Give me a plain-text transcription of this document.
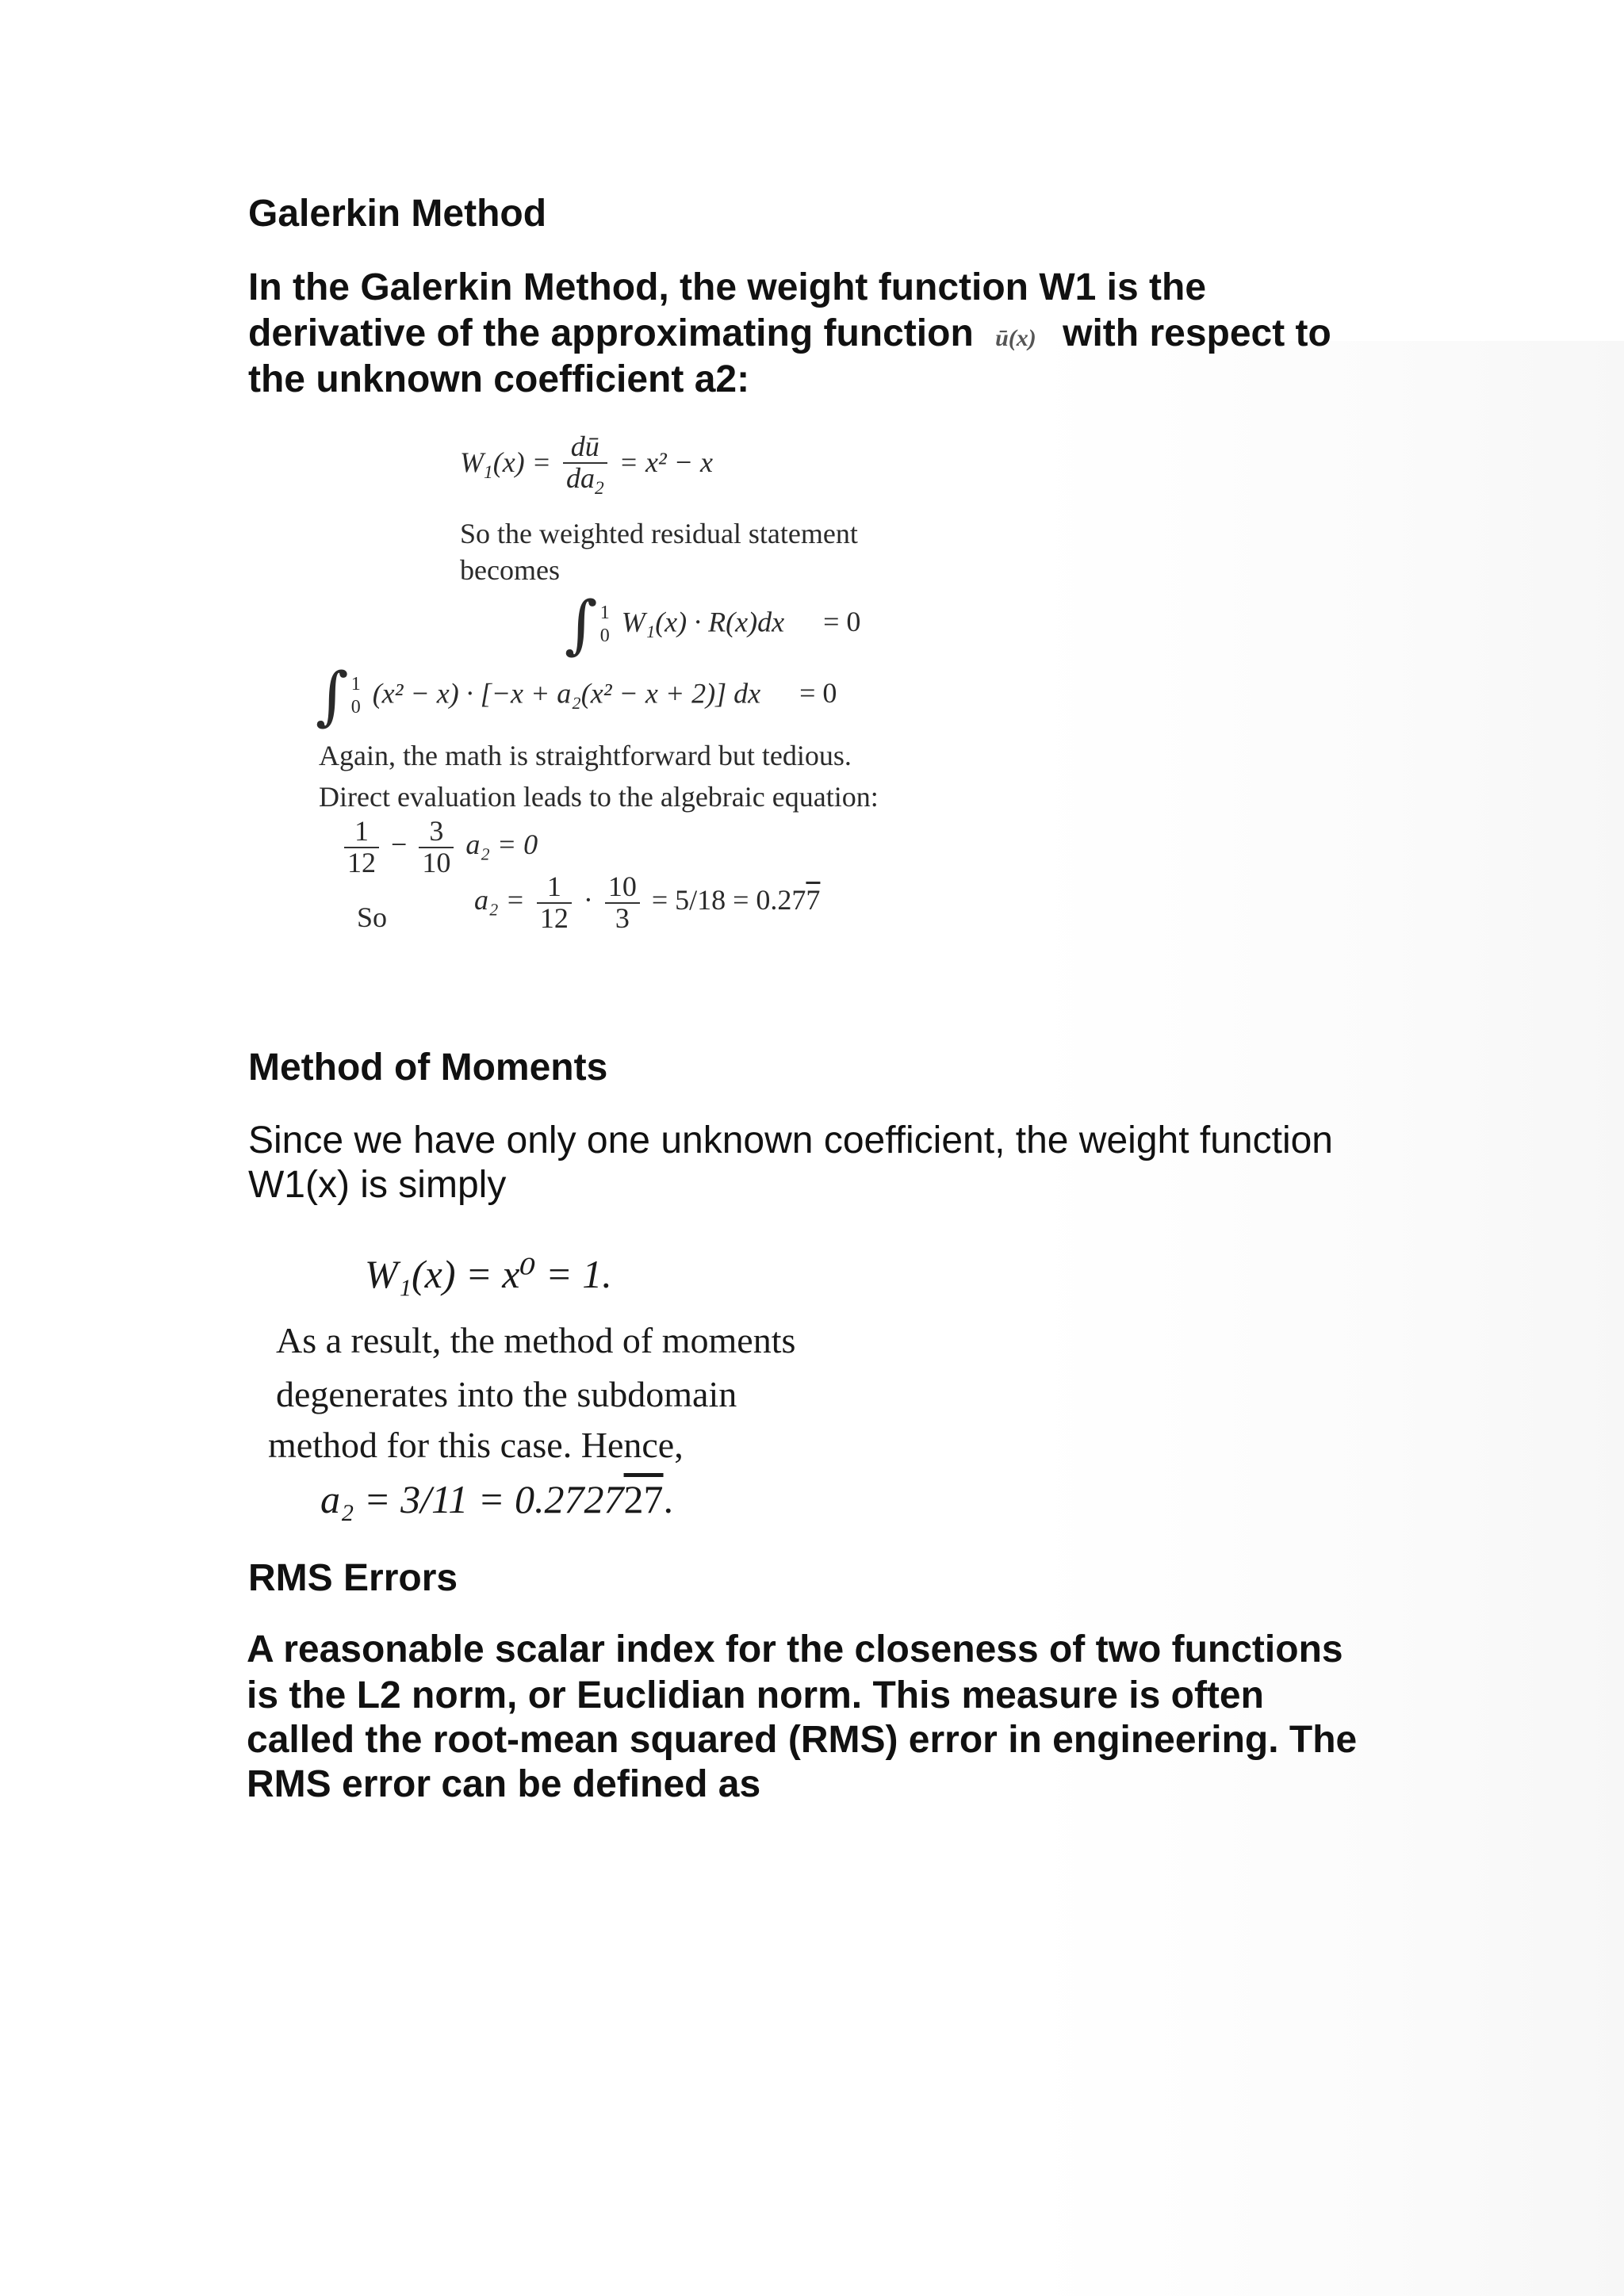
Galerkin Method
In the Galerkin Method, the weight function W1 is the
derivative of the approximating function ū(x) with respect to
the unknown coefficient a2:
$W_1(x) = \frac{dū}{da_2} = x^2 - x$
So the weighted residual statement
becomes
∫ 1
0 W₁(x) · R(x)dx = 0
∫ 1
0 (x² − x) · [−x + a₂(x² − x + 2)] dx = 0
Again, the math is straightforward but tedious.
Direct evaluation leads to the algebraic equation:
$\frac{1}{12} - \frac{3}{10} a_2 = 0$
So
$a_2 = \frac{1}{12} \cdot \frac{10}{3} = 5/18 = 0.277$
Method of Moments
Since we have only one unknown coefficient, the weight function
W1(x) is simply
W₁(x) = x⁰ = 1.
As a result, the method of moments
degenerates into the subdomain
method for this case. Hence,
a₂ = 3/11 = 0.272727.
RMS Errors
A reasonable scalar index for the closeness of two functions
is the L2 norm, or Euclidian norm. This measure is often
called the root-mean squared (RMS) error in engineering. The
RMS error can be defined as
